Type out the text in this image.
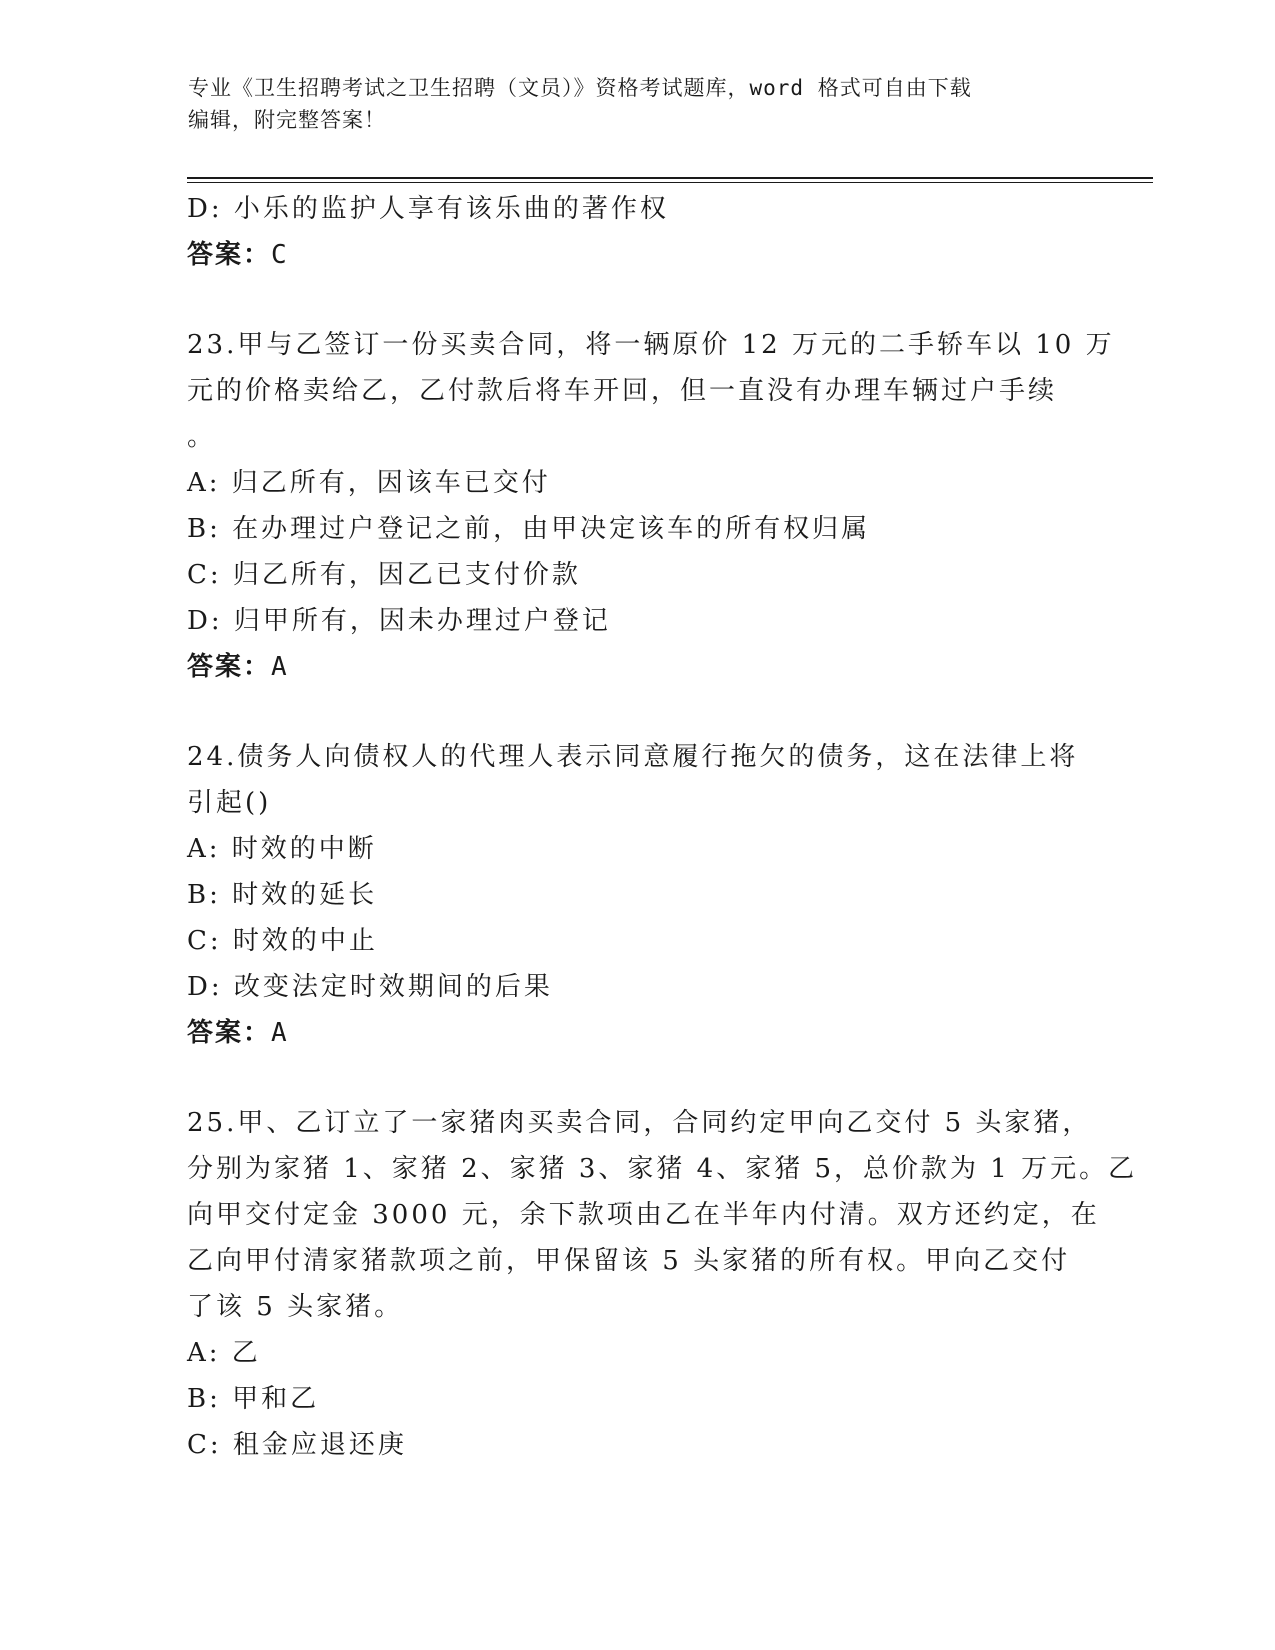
专业《卫生招聘考试之卫生招聘（文员）》资格考试题库，word 格式可自由下载
编辑，附完整答案！
D: 小乐的监护人享有该乐曲的著作权
答案：C
23.甲与乙签订一份买卖合同，将一辆原价 12 万元的二手轿车以 10 万
元的价格卖给乙，乙付款后将车开回，但一直没有办理车辆过户手续
。
A: 归乙所有，因该车已交付
B: 在办理过户登记之前，由甲决定该车的所有权归属
C: 归乙所有，因乙已支付价款
D: 归甲所有，因未办理过户登记
答案：A
24.债务人向债权人的代理人表示同意履行拖欠的债务，这在法律上将
引起()
A: 时效的中断
B: 时效的延长
C: 时效的中止
D: 改变法定时效期间的后果
答案：A
25.甲、乙订立了一家猪肉买卖合同，合同约定甲向乙交付 5 头家猪，
分别为家猪 1、家猪 2、家猪 3、家猪 4、家猪 5，总价款为 1 万元。乙
向甲交付定金 3000 元，余下款项由乙在半年内付清。双方还约定，在
乙向甲付清家猪款项之前，甲保留该 5 头家猪的所有权。甲向乙交付
了该 5 头家猪。
A: 乙
B: 甲和乙
C: 租金应退还庚
